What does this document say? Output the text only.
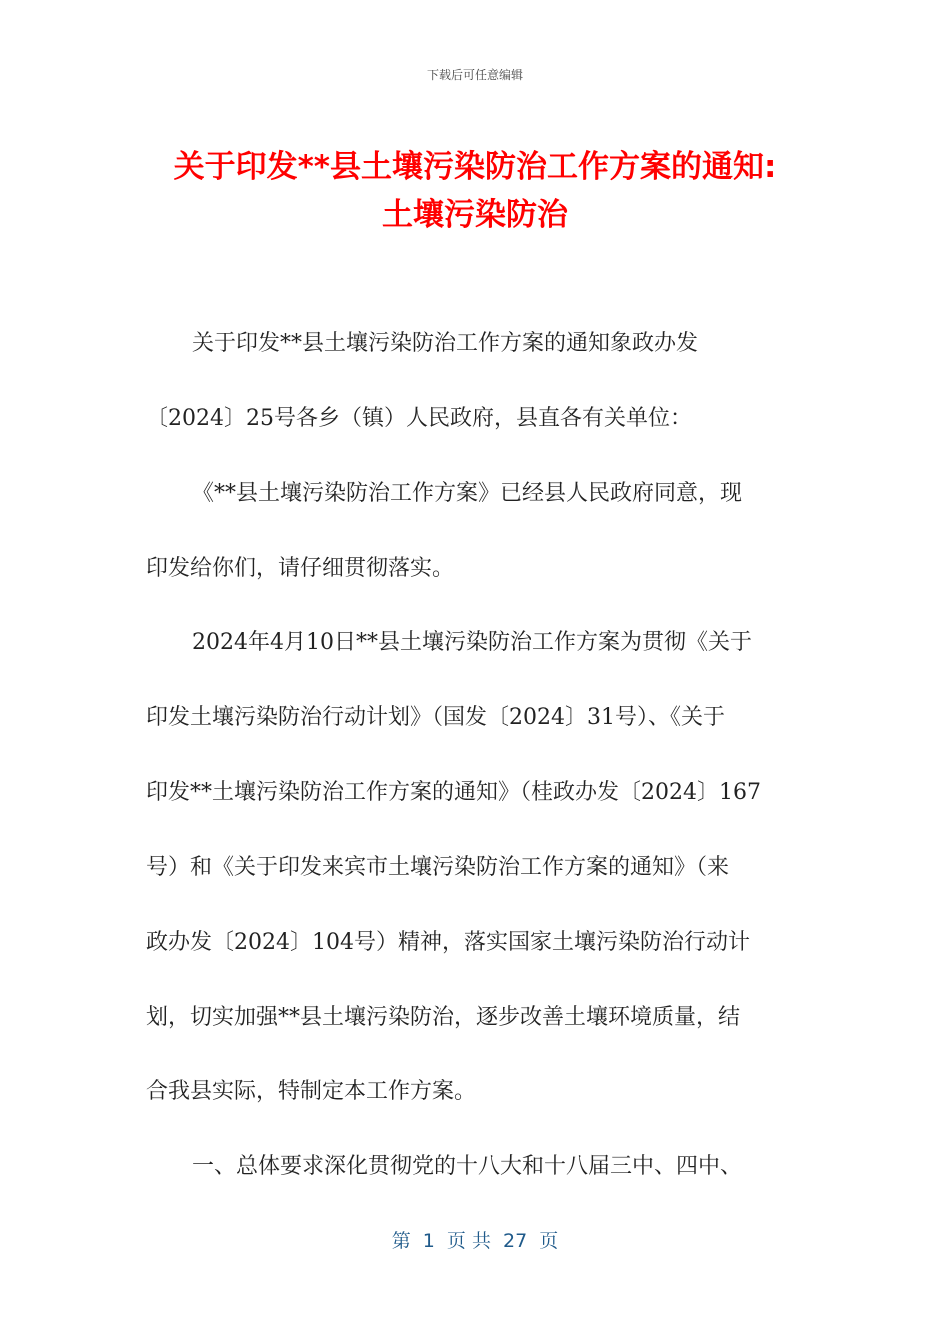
下载后可任意编辑
关于印发**县土壤污染防治工作方案的通知:
土壤污染防治
关于印发**县土壤污染防治工作方案的通知象政办发
〔2024〕25号各乡（镇）人民政府，县直各有关单位：
《**县土壤污染防治工作方案》已经县人民政府同意，现
印发给你们，请仔细贯彻落实。
2024年4月10日**县土壤污染防治工作方案为贯彻《关于
印发土壤污染防治行动计划》（国发〔2024〕31号）、《关于
印发**土壤污染防治工作方案的通知》（桂政办发〔2024〕167
号）和《关于印发来宾市土壤污染防治工作方案的通知》（来
政办发〔2024〕104号）精神，落实国家土壤污染防治行动计
划，切实加强**县土壤污染防治，逐步改善土壤环境质量，结
合我县实际，特制定本工作方案。
一、总体要求深化贯彻党的十八大和十八届三中、四中、
第  1  页 共  27  页
